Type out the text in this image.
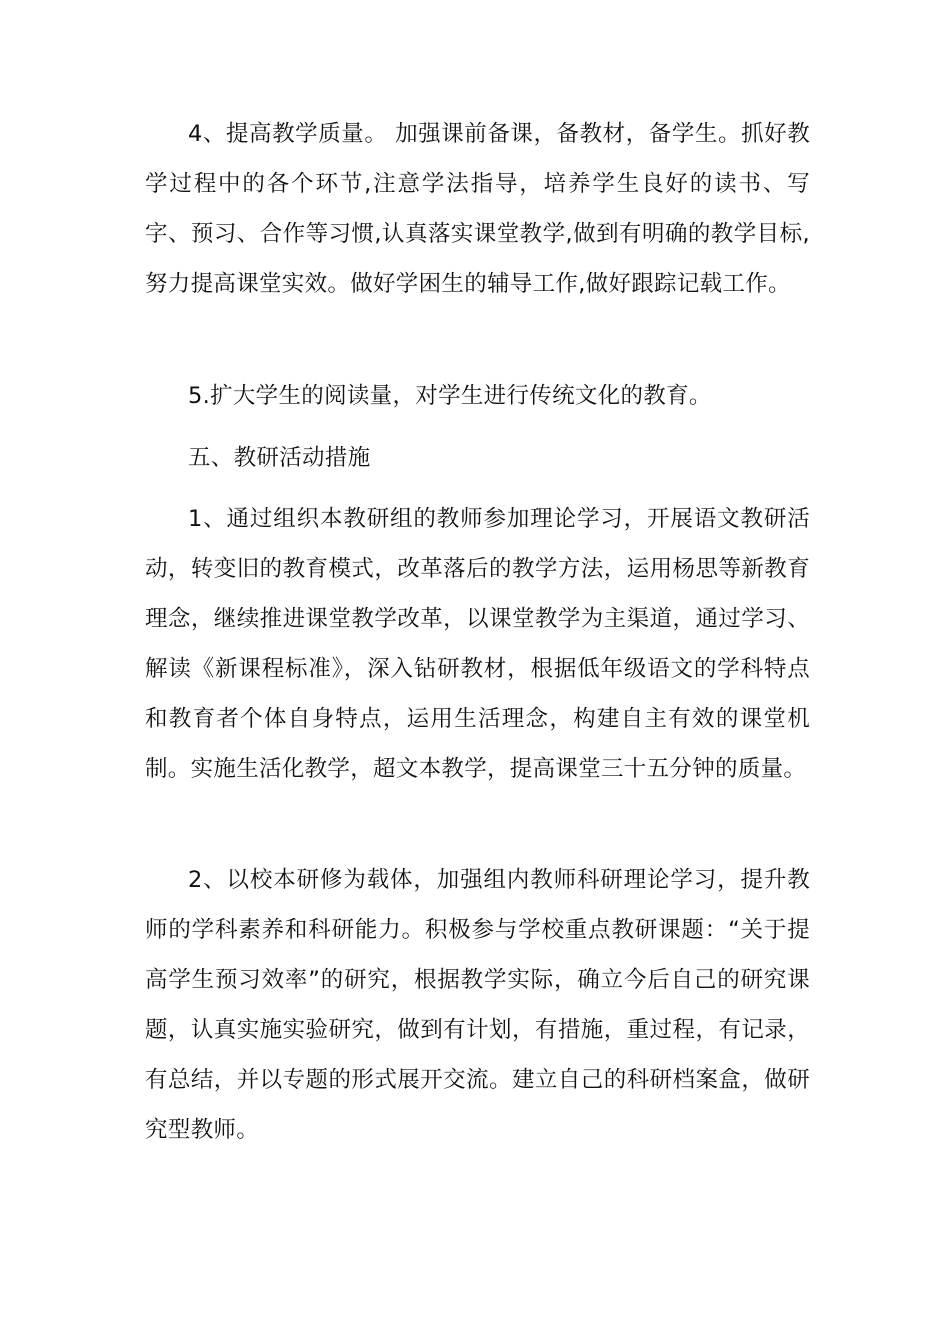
4、提高教学质量。 加强课前备课，备教材，备学生。抓好教学过程中的各个环节,注意学法指导，培养学生良好的读书、写字、预习、合作等习惯,认真落实课堂教学,做到有明确的教学目标,努力提高课堂实效。做好学困生的辅导工作,做好跟踪记载工作。

5.扩大学生的阅读量，对学生进行传统文化的教育。

五、教研活动措施

1、通过组织本教研组的教师参加理论学习，开展语文教研活动，转变旧的教育模式，改革落后的教学方法，运用杨思等新教育理念，继续推进课堂教学改革，以课堂教学为主渠道，通过学习、解读《新课程标准》，深入钻研教材，根据低年级语文的学科特点和教育者个体自身特点，运用生活理念，构建自主有效的课堂机制。实施生活化教学，超文本教学，提高课堂三十五分钟的质量。

2、以校本研修为载体，加强组内教师科研理论学习，提升教师的学科素养和科研能力。积极参与学校重点教研课题：“关于提高学生预习效率”的研究，根据教学实际，确立今后自己的研究课题，认真实施实验研究，做到有计划，有措施，重过程，有记录，有总结，并以专题的形式展开交流。建立自己的科研档案盒，做研究型教师。
